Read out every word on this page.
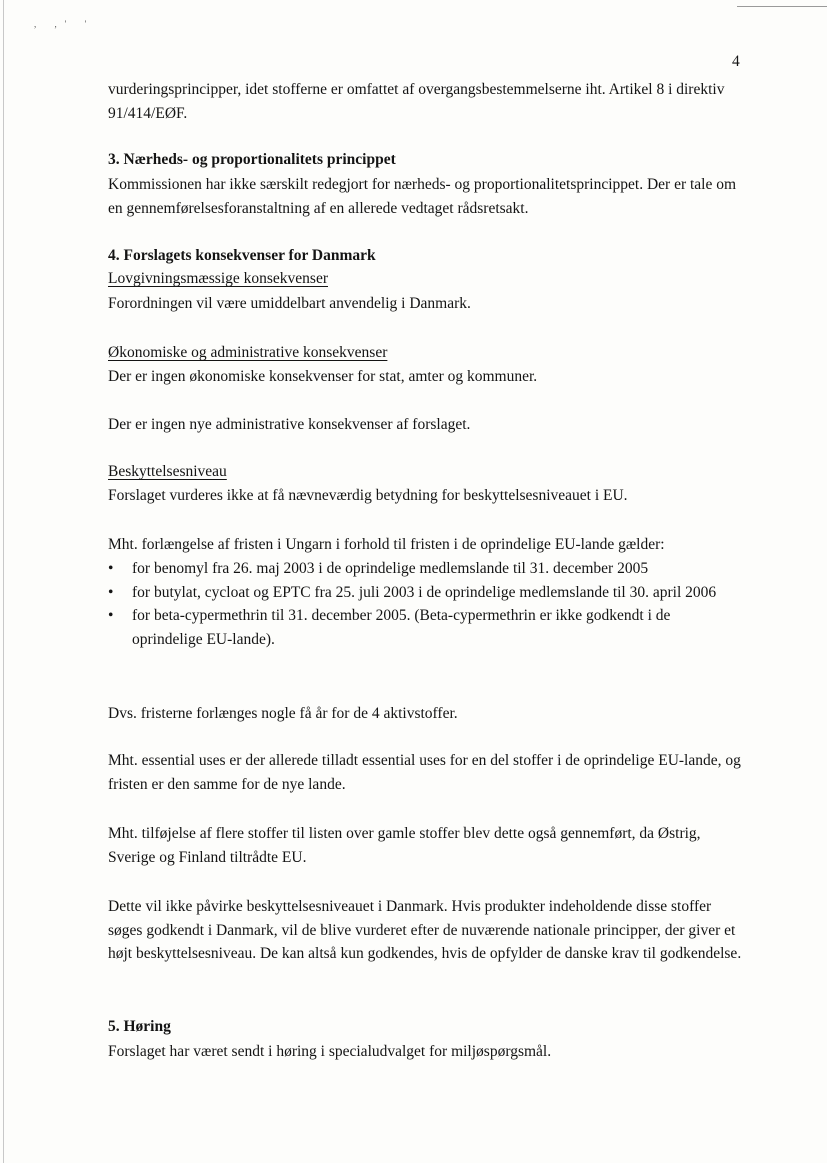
, ,' '
4
vurderingsprincipper, idet stofferne er omfattet af overgangsbestemmelserne iht. Artikel 8 i direktiv 91/414/EØF.
3. Nærheds- og proportionalitets princippet
Kommissionen har ikke særskilt redegjort for nærheds- og proportionalitetsprincippet. Der er tale om en gennemførelsesforanstaltning af en allerede vedtaget rådsretsakt.
4. Forslagets konsekvenser for Danmark
Lovgivningsmæssige konsekvenser
Forordningen vil være umiddelbart anvendelig i Danmark.
Økonomiske og administrative konsekvenser
Der er ingen økonomiske konsekvenser for stat, amter og kommuner.
Der er ingen nye administrative konsekvenser af forslaget.
Beskyttelsesniveau
Forslaget vurderes ikke at få nævneværdig betydning for beskyttelsesniveauet i EU.
Mht. forlængelse af fristen i Ungarn i forhold til fristen i de oprindelige EU-lande gælder:
• for benomyl fra 26. maj 2003 i de oprindelige medlemslande til 31. december 2005
• for butylat, cycloat og EPTC fra 25. juli 2003 i de oprindelige medlemslande til 30. april 2006
• for beta-cypermethrin til 31. december 2005. (Beta-cypermethrin er ikke godkendt i de oprindelige EU-lande).
Dvs. fristerne forlænges nogle få år for de 4 aktivstoffer.
Mht. essential uses er der allerede tilladt essential uses for en del stoffer i de oprindelige EU-lande, og fristen er den samme for de nye lande.
Mht. tilføjelse af flere stoffer til listen over gamle stoffer blev dette også gennemført, da Østrig, Sverige og Finland tiltrådte EU.
Dette vil ikke påvirke beskyttelsesniveauet i Danmark. Hvis produkter indeholdende disse stoffer søges godkendt i Danmark, vil de blive vurderet efter de nuværende nationale principper, der giver et højt beskyttelsesniveau. De kan altså kun godkendes, hvis de opfylder de danske krav til godkendelse.
5. Høring
Forslaget har været sendt i høring i specialudvalget for miljøspørgsmål.
